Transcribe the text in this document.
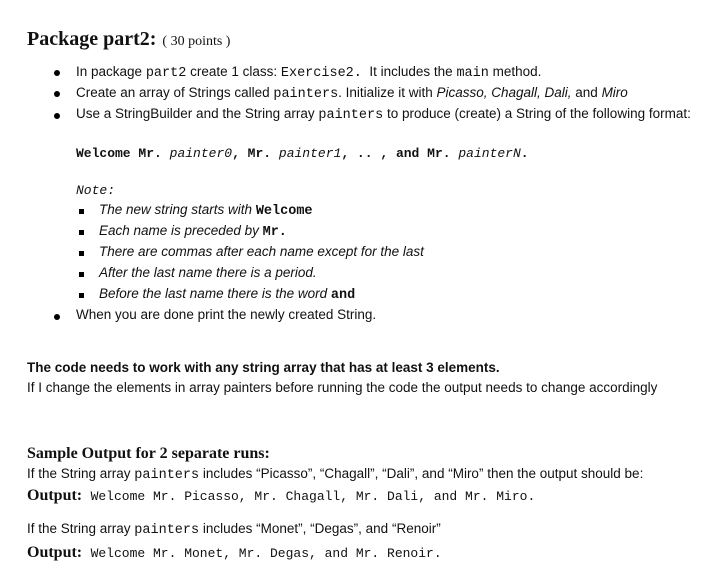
Package part2: ( 30 points )
In package part2 create 1 class: Exercise2.  It includes the main method.
Create an array of Strings called painters. Initialize it with Picasso, Chagall, Dali, and Miro
Use a StringBuilder and the String array painters to produce (create) a String of the following format:
Welcome Mr. painter0, Mr. painter1, .. , and Mr. painterN.
Note:
The new string starts with Welcome
Each name is preceded by Mr.
There are commas after each name except for the last
After the last name there is a period.
Before the last name there is the word and
When you are done print the newly created String.
The code needs to work with any string array that has at least 3 elements.
If I change the elements in array painters before running the code the output needs to change accordingly
Sample Output for 2 separate runs:
If the String array painters includes “Picasso”, “Chagall”, “Dali”, and “Miro” then the output should be:
Output: Welcome Mr. Picasso, Mr. Chagall, Mr. Dali, and Mr. Miro.
If the String array painters includes “Monet”, “Degas”, and “Renoir”
Output: Welcome Mr. Monet, Mr. Degas, and Mr. Renoir.
